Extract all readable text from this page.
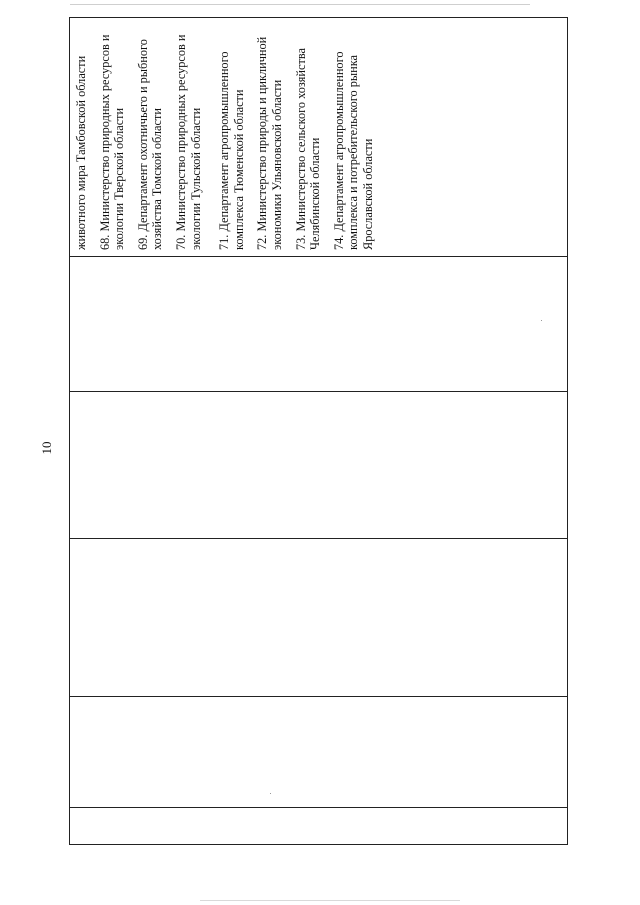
10

животного мира Тамбовской области 68. Министерство природных ресурсов и экологии Тверской области 69. Департамент охотничьего и рыбного хозяйства Томской области 70. Министерство природных ресурсов и экологии Тульской области 71. Департамент агропромышленного комплекса Тюменской области 72. Министерство природы и цикличной экономики Ульяновской области 73. Министерство сельского хозяйства Челябинской области 74. Департамент агропромышленного комплекса и потребительского рынка Ярославской области
